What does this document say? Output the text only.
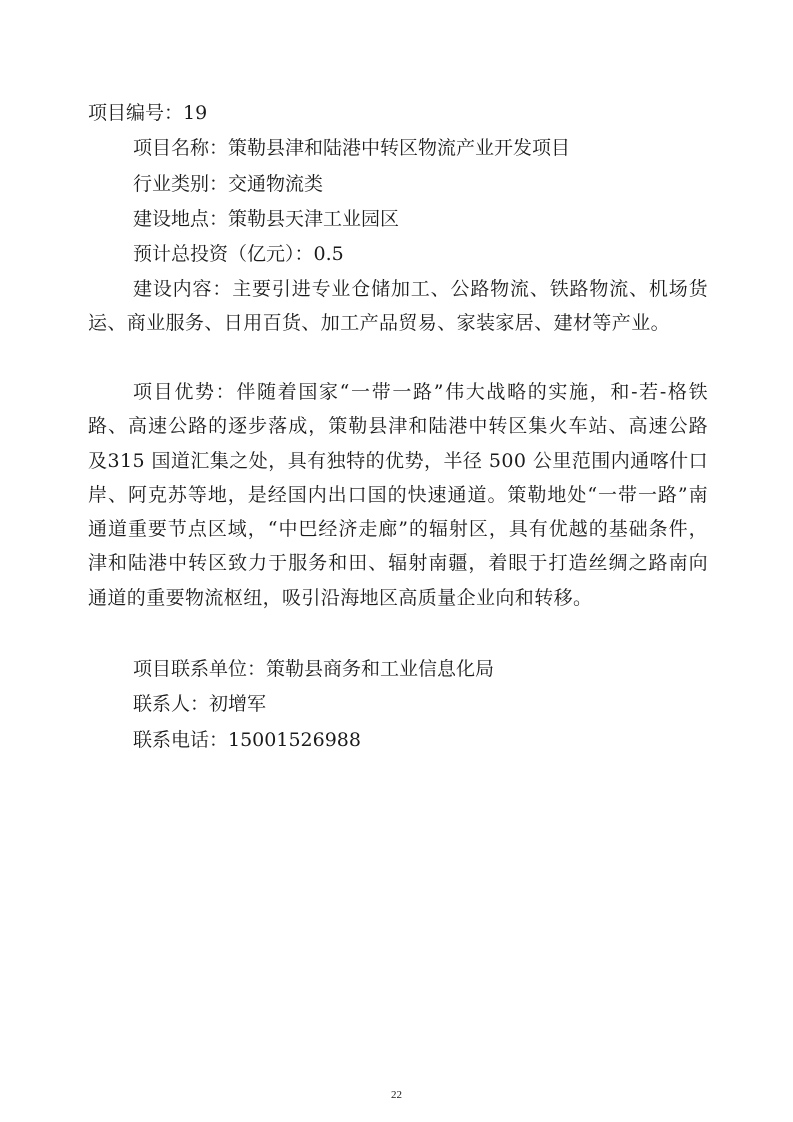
项目编号：19
项目名称：策勒县津和陆港中转区物流产业开发项目
行业类别：交通物流类
建设地点：策勒县天津工业园区
预计总投资（亿元）：0.5
建设内容：主要引进专业仓储加工、公路物流、铁路物流、机场货运、商业服务、日用百货、加工产品贸易、家装家居、建材等产业。
项目优势：伴随着国家“一带一路”伟大战略的实施，和-若-格铁路、高速公路的逐步落成，策勒县津和陆港中转区集火车站、高速公路及315 国道汇集之处，具有独特的优势，半径 500 公里范围内通喀什口岸、阿克苏等地，是经国内出口国的快速通道。策勒地处“一带一路”南通道重要节点区域，“中巴经济走廊”的辐射区，具有优越的基础条件，津和陆港中转区致力于服务和田、辐射南疆，着眼于打造丝绸之路南向通道的重要物流枢纽，吸引沿海地区高质量企业向和转移。
项目联系单位：策勒县商务和工业信息化局
联系人：初增军
联系电话：15001526988
22
